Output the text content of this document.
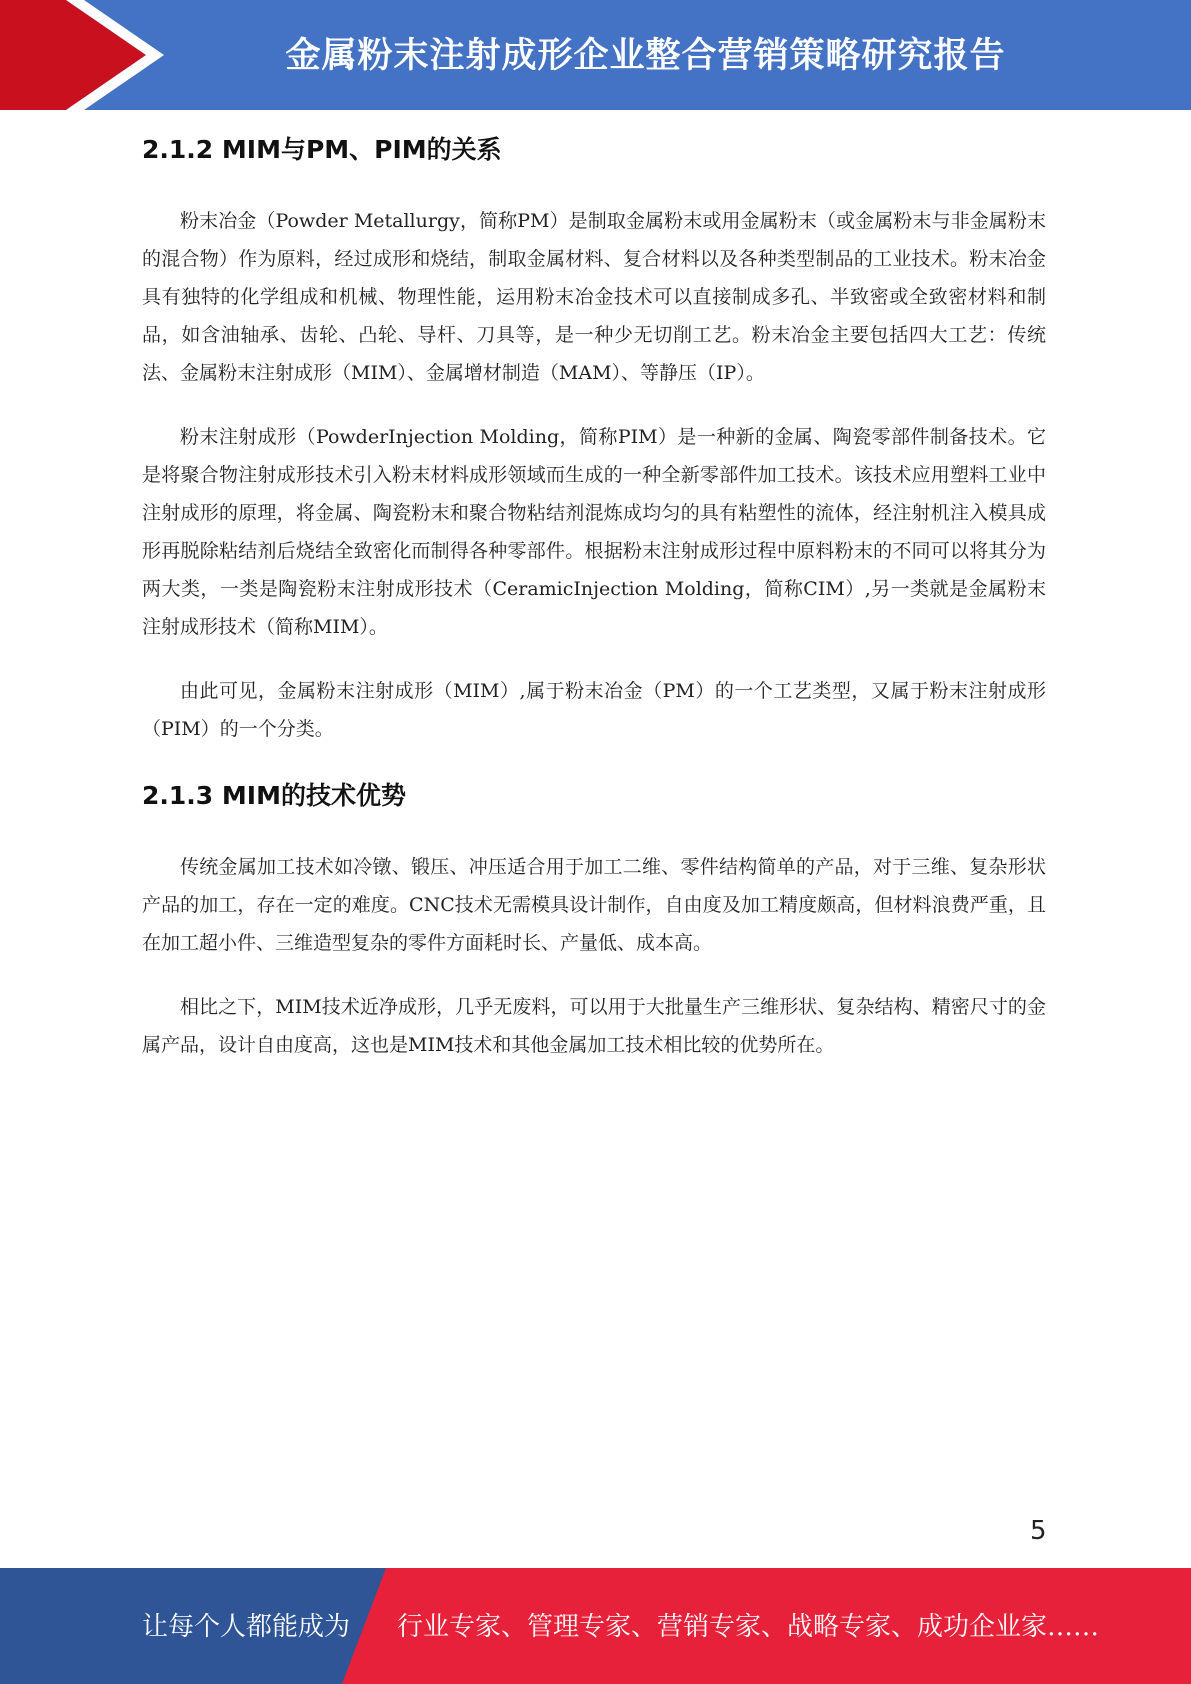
金属粉末注射成形企业整合营销策略研究报告
2.1.2 MIM与PM、PIM的关系

粉末冶金（Powder Metallurgy，简称PM）是制取金属粉末或用金属粉末（或金属粉末与非金属粉末的混合物）作为原料，经过成形和烧结，制取金属材料、复合材料以及各种类型制品的工业技术。粉末冶金具有独特的化学组成和机械、物理性能，运用粉末冶金技术可以直接制成多孔、半致密或全致密材料和制品，如含油轴承、齿轮、凸轮、导杆、刀具等，是一种少无切削工艺。粉末冶金主要包括四大工艺：传统法、金属粉末注射成形（MIM）、金属增材制造（MAM）、等静压（IP）。

粉末注射成形（PowderInjection Molding，简称PIM）是一种新的金属、陶瓷零部件制备技术。它是将聚合物注射成形技术引入粉末材料成形领域而生成的一种全新零部件加工技术。该技术应用塑料工业中注射成形的原理，将金属、陶瓷粉末和聚合物粘结剂混炼成均匀的具有粘塑性的流体，经注射机注入模具成形再脱除粘结剂后烧结全致密化而制得各种零部件。根据粉末注射成形过程中原料粉末的不同可以将其分为两大类，一类是陶瓷粉末注射成形技术（CeramicInjection Molding，简称CIM）,另一类就是金属粉末注射成形技术（简称MIM）。

由此可见，金属粉末注射成形（MIM）,属于粉末冶金（PM）的一个工艺类型，又属于粉末注射成形（PIM）的一个分类。

2.1.3 MIM的技术优势

传统金属加工技术如冷镦、锻压、冲压适合用于加工二维、零件结构简单的产品，对于三维、复杂形状产品的加工，存在一定的难度。CNC技术无需模具设计制作，自由度及加工精度颇高，但材料浪费严重，且在加工超小件、三维造型复杂的零件方面耗时长、产量低、成本高。

相比之下，MIM技术近净成形，几乎无废料，可以用于大批量生产三维形状、复杂结构、精密尺寸的金属产品，设计自由度高，这也是MIM技术和其他金属加工技术相比较的优势所在。

5
让每个人都能成为 行业专家、管理专家、营销专家、战略专家、成功企业家……
